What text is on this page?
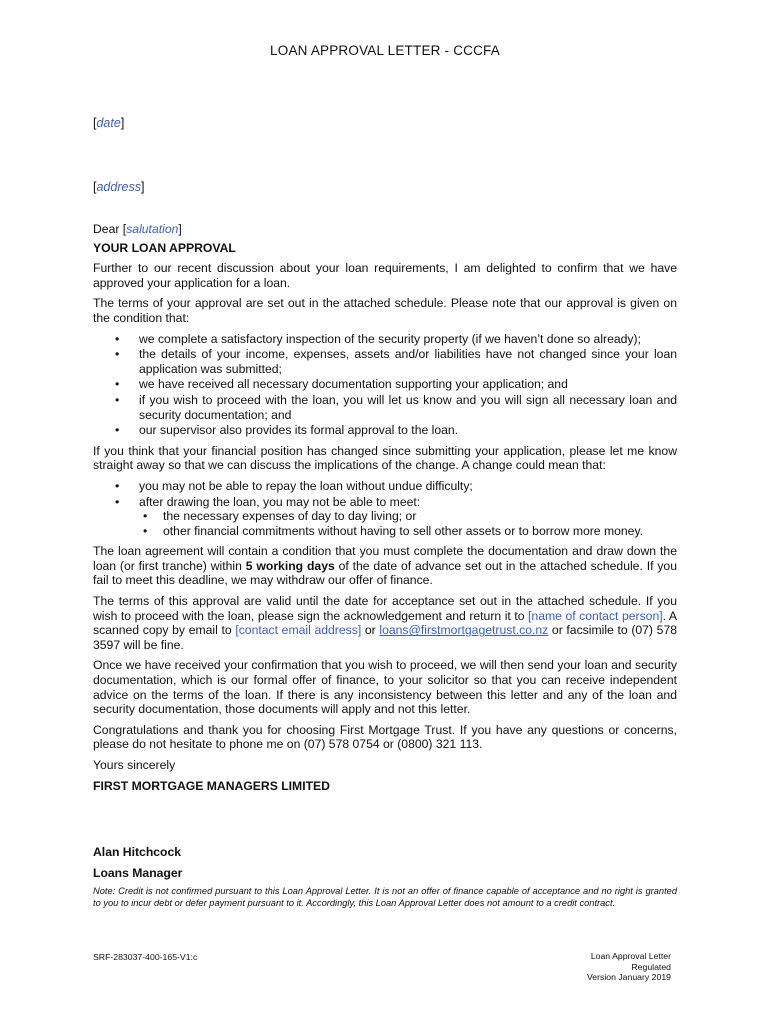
LOAN APPROVAL LETTER - CCCFA
[date]
[address]

Dear [salutation]

YOUR LOAN APPROVAL

Further to our recent discussion about your loan requirements, I am delighted to confirm that we have approved your application for a loan.

The terms of your approval are set out in the attached schedule. Please note that our approval is given on the condition that:

• we complete a satisfactory inspection of the security property (if we haven’t done so already);
• the details of your income, expenses, assets and/or liabilities have not changed since your loan application was submitted;
• we have received all necessary documentation supporting your application; and
• if you wish to proceed with the loan, you will let us know and you will sign all necessary loan and security documentation; and
• our supervisor also provides its formal approval to the loan.

If you think that your financial position has changed since submitting your application, please let me know straight away so that we can discuss the implications of the change. A change could mean that:

• you may not be able to repay the loan without undue difficulty;
• after drawing the loan, you may not be able to meet:
• the necessary expenses of day to day living; or
• other financial commitments without having to sell other assets or to borrow more money.

The loan agreement will contain a condition that you must complete the documentation and draw down the loan (or first tranche) within 5 working days of the date of advance set out in the attached schedule. If you fail to meet this deadline, we may withdraw our offer of finance.

The terms of this approval are valid until the date for acceptance set out in the attached schedule. If you wish to proceed with the loan, please sign the acknowledgement and return it to [name of contact person]. A scanned copy by email to [contact email address] or loans@firstmortgagetrust.co.nz or facsimile to (07) 578 3597 will be fine.

Once we have received your confirmation that you wish to proceed, we will then send your loan and security documentation, which is our formal offer of finance, to your solicitor so that you can receive independent advice on the terms of the loan. If there is any inconsistency between this letter and any of the loan and security documentation, those documents will apply and not this letter.

Congratulations and thank you for choosing First Mortgage Trust. If you have any questions or concerns, please do not hesitate to phone me on (07) 578 0754 or (0800) 321 113.

Yours sincerely

FIRST MORTGAGE MANAGERS LIMITED
Alan Hitchcock
Loans Manager
Note: Credit is not confirmed pursuant to this Loan Approval Letter. It is not an offer of finance capable of acceptance and no right is granted to you to incur debt or defer payment pursuant to it. Accordingly, this Loan Approval Letter does not amount to a credit contract.
SRF-283037-400-165-V1:c	Loan Approval Letter
Regulated
Version January 2019
